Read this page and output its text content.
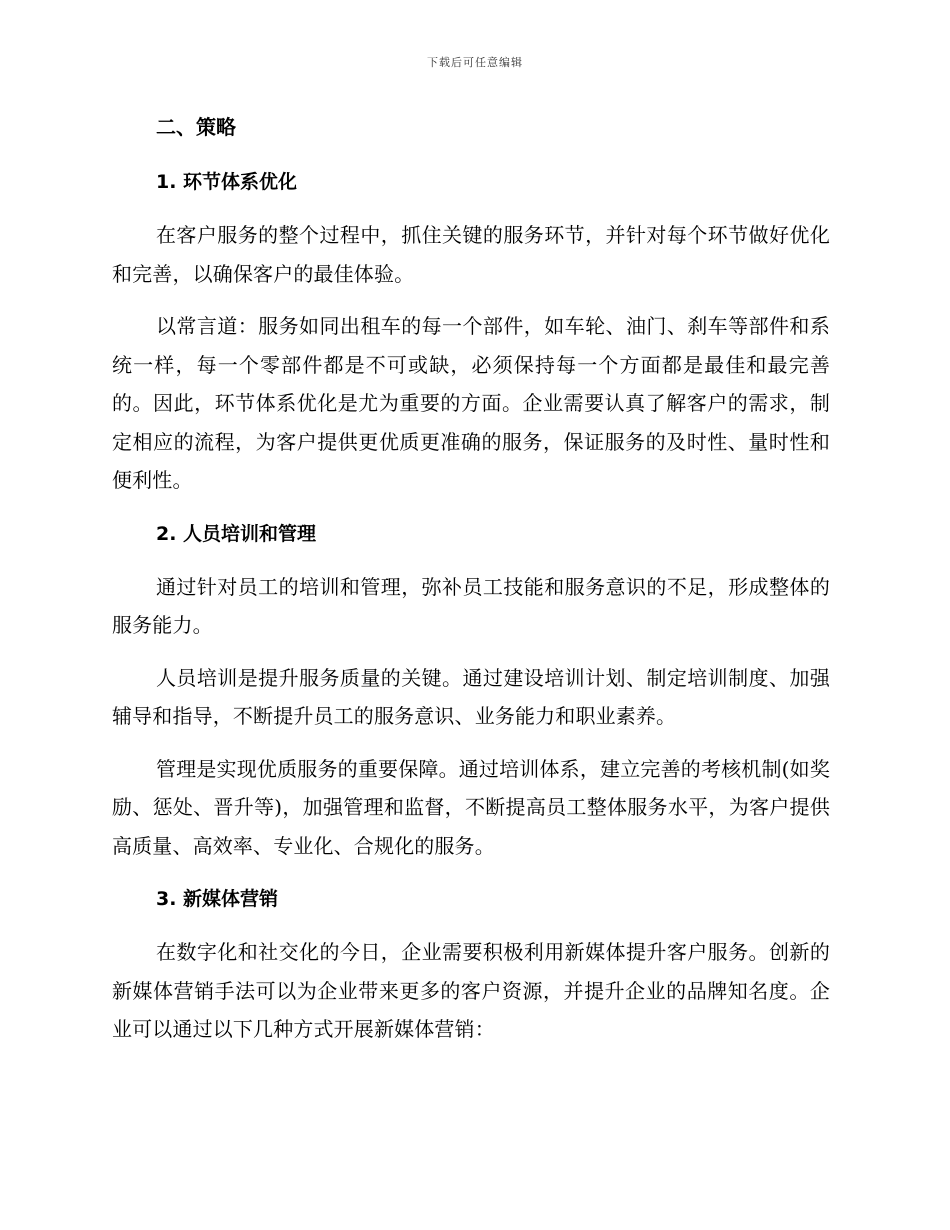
下载后可任意编辑
二、策略
1. 环节体系优化

在客户服务的整个过程中，抓住关键的服务环节，并针对每个环节做好优化和完善，以确保客户的最佳体验。

以常言道：服务如同出租车的每一个部件，如车轮、油门、刹车等部件和系统一样，每一个零部件都是不可或缺，必须保持每一个方面都是最佳和最完善的。因此，环节体系优化是尤为重要的方面。企业需要认真了解客户的需求，制定相应的流程，为客户提供更优质更准确的服务，保证服务的及时性、量时性和便利性。

2. 人员培训和管理

通过针对员工的培训和管理，弥补员工技能和服务意识的不足，形成整体的服务能力。

人员培训是提升服务质量的关键。通过建设培训计划、制定培训制度、加强辅导和指导，不断提升员工的服务意识、业务能力和职业素养。

管理是实现优质服务的重要保障。通过培训体系，建立完善的考核机制(如奖励、惩处、晋升等)，加强管理和监督，不断提高员工整体服务水平，为客户提供高质量、高效率、专业化、合规化的服务。

3. 新媒体营销

在数字化和社交化的今日，企业需要积极利用新媒体提升客户服务。创新的新媒体营销手法可以为企业带来更多的客户资源，并提升企业的品牌知名度。企业可以通过以下几种方式开展新媒体营销：
